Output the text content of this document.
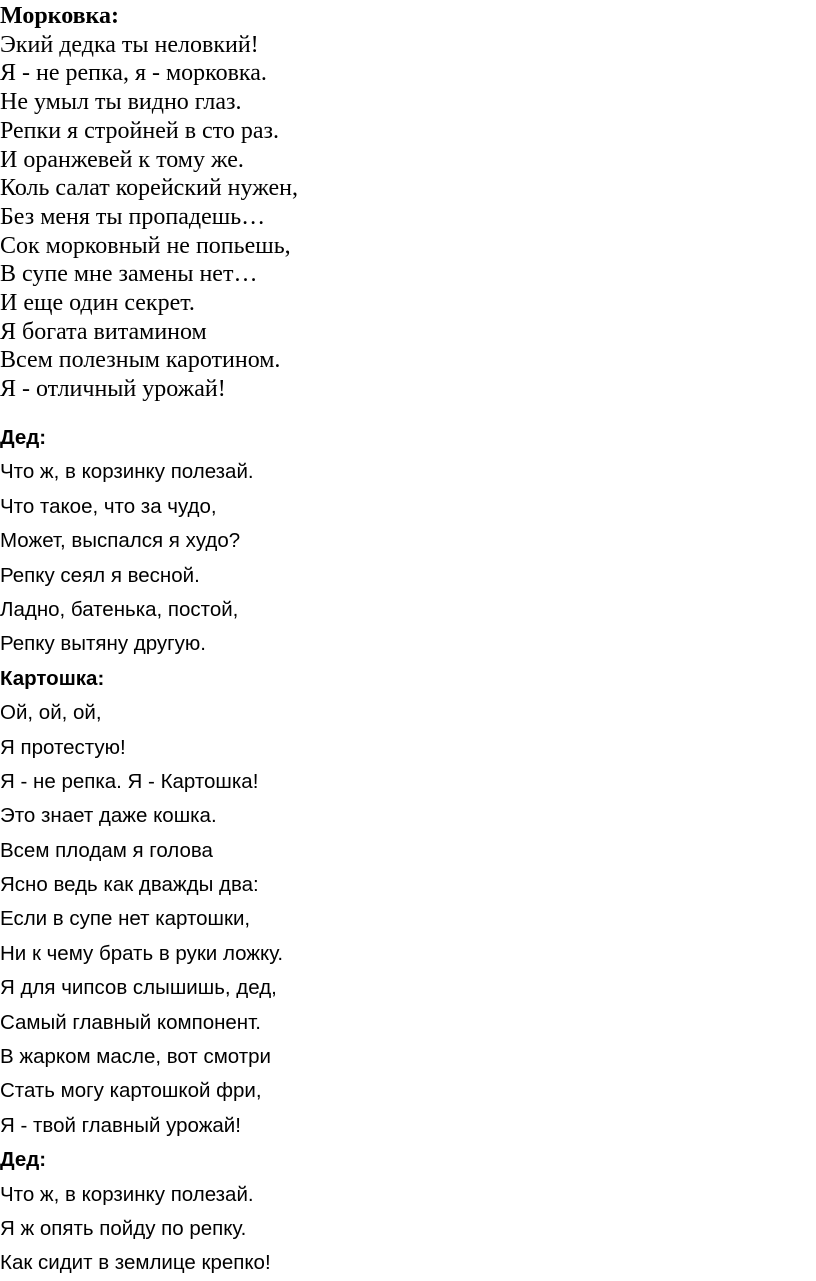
Морковка:
Экий дедка ты неловкий!
Я - не репка, я - морковка.
Не умыл ты видно глаз.
Репки я стройней в сто раз.
И оранжевей к тому же.
Коль салат корейский нужен,
Без меня ты пропадешь…
Сок морковный не попьешь,
В супе мне замены нет…
И еще один секрет.
Я богата витамином
Всем полезным каротином.
Я - отличный урожай!
Дед:
Что ж, в корзинку полезай.
Что такое, что за чудо,
Может, выспался я худо?
Репку сеял я весной.
Ладно, батенька, постой,
Репку вытяну другую.
Картошка:
Ой, ой, ой,
Я протестую!
Я - не репка. Я - Картошка!
Это знает даже кошка.
Всем плодам я голова
Ясно ведь как дважды два:
Если в супе нет картошки,
Ни к чему брать в руки ложку.
Я для чипсов слышишь, дед,
Самый главный компонент.
В жарком масле, вот смотри
Стать могу картошкой фри,
Я - твой главный урожай!
Дед:
Что ж, в корзинку полезай.
Я ж опять пойду по репку.
Как сидит в землице крепко!
